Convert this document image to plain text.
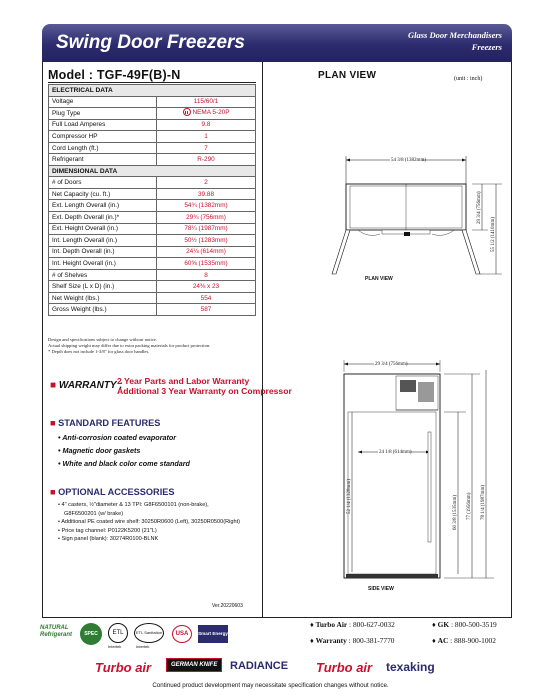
Swing Door Freezers	Glass Door Merchandisers
Freezers
Model : TGF-49F(B)-N
ELECTRICAL DATA	
Voltage	115/60/1
Plug Type	NEMA 5-20P

Full Load Amperes	9.8
Compressor HP	1
Cord Length (ft.)	7
Refrigerant	R-290
DIMENSIONAL DATA	
# of Doors	2
Net Capacity (cu. ft.)	39.88
Ext. Length Overall (in.)	54¾ (1382mm)
Ext. Depth Overall (in.)*	29¾ (756mm)
Ext. Height Overall (in.)	78¼ (1987mm)
Int. Length Overall (in.)	50½ (1283mm)
Int. Depth Overall (in.)	24⅛ (614mm)
Int. Height Overall (in.)	60⅝ (1535mm)
# of Shelves	8
Shelf Size (L x D) (in.)	24⅜ x 23
Net Weight (lbs.)	554
Gross Weight (lbs.)	587
Design and specifications subject to change without notice.
Actual shipping weight may differ due to extra packing materials for product protection.
* Depth does not include 1-3/8" for glass door handles.
■ WARRANTY :
2 Year Parts and Labor Warranty
Additional 3 Year Warranty on Compressor
■ STANDARD FEATURES
• Anti-corrosion coated evaporator
• Magnetic door gaskets
• White and black color come standard
■ OPTIONAL ACCESSORIES
• 4" casters, ½"diameter & 13 TPI: G8F6500101 (non-brake),
G8F6500201 (w/ brake)
• Additional PE coated wire shelf: 30250R0600 (Left), 30250R0500(Right)
• Price tag channel: P0122K5200 (21"L)
• Sign panel (blank): 30274R0100-BLNK
Ver.20220603
PLAN VIEW	(unit : inch)
54 3/8 (1382mm)
29 3/4 (756mm)
55 1/2 (1410mm)
PLAN VIEW
29 3/4 (756mm)
24 1/8 (614mm)
52 1/4 (1328mm)	60 3/8 (1535mm) 77 (1956mm) 78 1/4 (1987mm)
SIDE VIEW
NATURAL Refrigerant	SPEC	ETL	ETL Sanitation
Intertek	Intertek
USA	Smart Energy
♦ Turbo Air : 800-627-0032	♦ GK : 800-500-3519
♦ Warranty : 800-381-7770	♦ AC : 888-900-1002
Turbo air	GERMAN KNIFE	RADIANCE Turbo air texaking
Continued product development may necessitate specification changes without notice.
